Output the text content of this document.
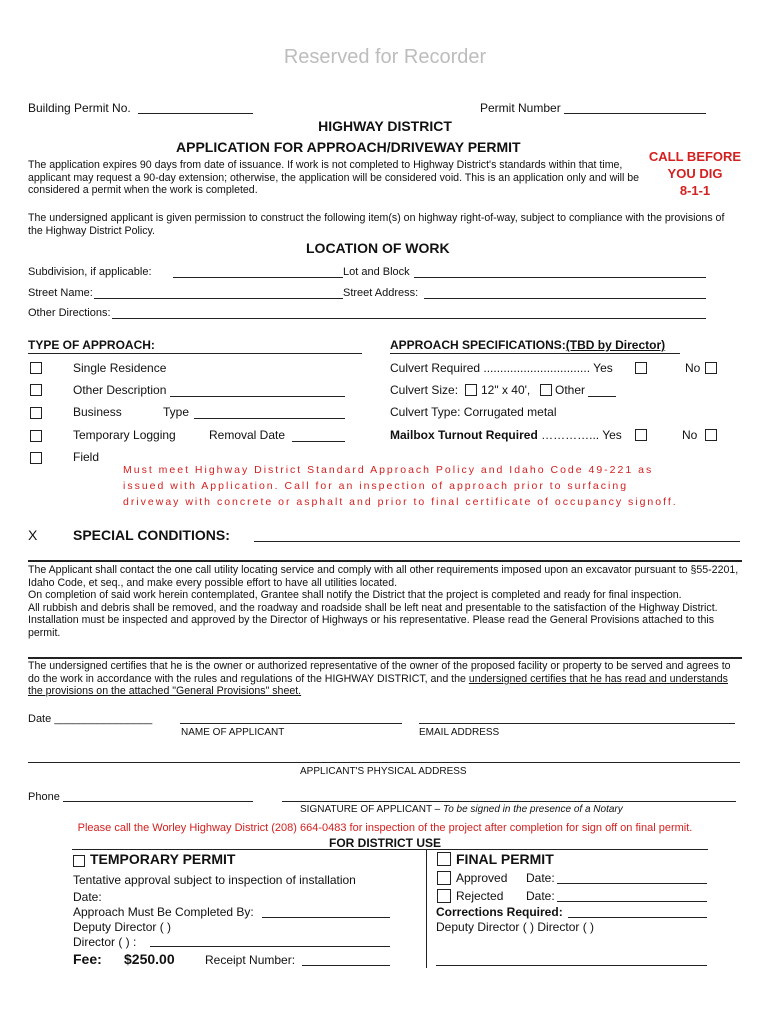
Reserved for Recorder
Building Permit No.	Permit Number
HIGHWAY DISTRICT
APPLICATION FOR APPROACH/DRIVEWAY PERMIT
CALL BEFORE
YOU DIG
8-1-1
The application expires 90 days from date of issuance. If work is not completed to Highway District's standards within that time, applicant may request a 90-day extension; otherwise, the application will be considered void. This is an application only and will be considered a permit when the work is completed.
The undersigned applicant is given permission to construct the following item(s) on highway right-of-way, subject to compliance with the provisions of the Highway District Policy.
LOCATION OF WORK
Subdivision, if applicable:	Lot and Block
Street Name:	Street Address:
Other Directions:
TYPE OF APPROACH:
Single Residence
Other Description
Business	Type
Temporary Logging	Removal Date
Field
APPROACH SPECIFICATIONS:(TBD by Director)
Culvert Required ................................ Yes	No
Culvert Size: 12" x 40', Other
Culvert Type: Corrugated metal
Mailbox Turnout Required …………... Yes	No
Must meet Highway District Standard Approach Policy and Idaho Code 49-221 as
issued with Application. Call for an inspection of approach prior to surfacing
driveway with concrete or asphalt and prior to final certificate of occupancy signoff.
X	SPECIAL CONDITIONS:
The Applicant shall contact the one call utility locating service and comply with all other requirements imposed upon an excavator pursuant to §55-2201, Idaho Code, et seq., and make every possible effort to have all utilities located.
On completion of said work herein contemplated, Grantee shall notify the District that the project is completed and ready for final inspection.
All rubbish and debris shall be removed, and the roadway and roadside shall be left neat and presentable to the satisfaction of the Highway District.
Installation must be inspected and approved by the Director of Highways or his representative. Please read the General Provisions attached to this permit.
The undersigned certifies that he is the owner or authorized representative of the owner of the proposed facility or property to be served and agrees to do the work in accordance with the rules and regulations of the HIGHWAY DISTRICT, and the undersigned certifies that he has read and understands the provisions on the attached "General Provisions" sheet.
Date ________________
NAME OF APPLICANT	EMAIL ADDRESS
APPLICANT'S PHYSICAL ADDRESS
Phone
SIGNATURE OF APPLICANT – To be signed in the presence of a Notary
Please call the Worley Highway District (208) 664-0483 for inspection of the project after completion for sign off on final permit.
FOR DISTRICT USE
TEMPORARY PERMIT
Tentative approval subject to inspection of installation
Date:
Approach Must Be Completed By:
Deputy Director ( )
Director ( ) :
Fee: $250.00	Receipt Number:
FINAL PERMIT
Approved Date:
Rejected Date:
Corrections Required:
Deputy Director ( ) Director ( )
